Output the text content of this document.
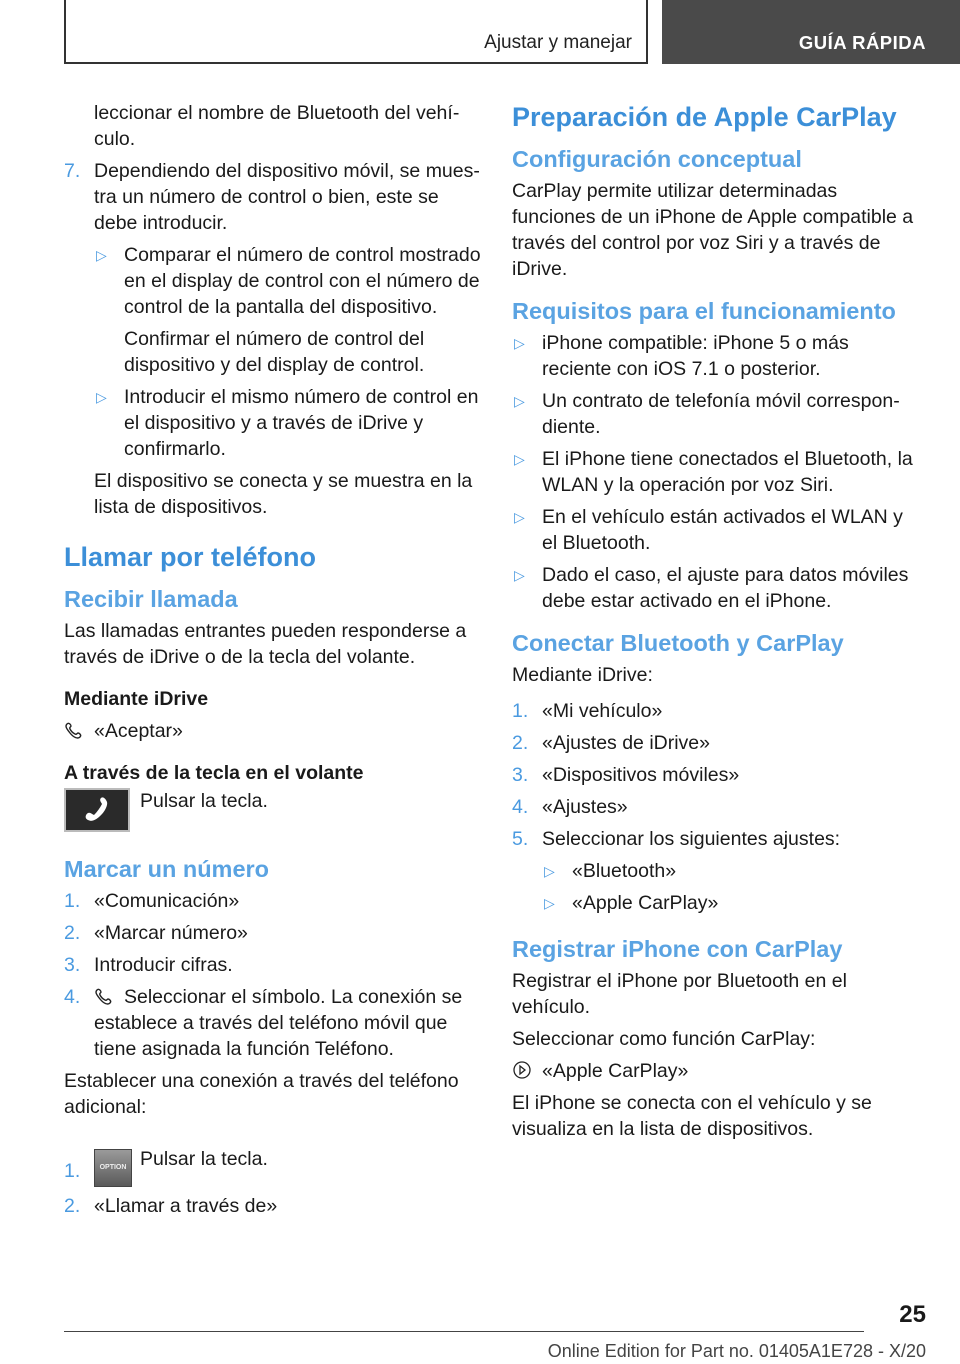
Ajustar y manejar	GUÍA RÁPIDA

leccionar el nombre de Bluetooth del vehículo.

7. Dependiendo del dispositivo móvil, se muestra un número de control o bien, este se debe introducir.
▷ Comparar el número de control mostrado en el display de control con el número de control de la pantalla del dispositivo.

Confirmar el número de control del dispositivo y del display de control.

▷ Introducir el mismo número de control en el dispositivo y a través de iDrive y confirmarlo.

El dispositivo se conecta y se muestra en la lista de dispositivos.

Llamar por teléfono
Recibir llamada

Las llamadas entrantes pueden responderse a través de iDrive o de la tecla del volante.

Mediante iDrive

«Aceptar»

A través de la tecla en el volante

Pulsar la tecla.

Marcar un número
1. «Comunicación»
2. «Marcar número»
3. Introducir cifras.
4. Seleccionar el símbolo. La conexión se establece a través del teléfono móvil que tiene asignada la función Teléfono.

Establecer una conexión a través del teléfono adicional:

1.	OPTION Pulsar la tecla.
2. «Llamar a través de»
Preparación de Apple CarPlay
Configuración conceptual

CarPlay permite utilizar determinadas funciones de un iPhone de Apple compatible a través del control por voz Siri y a través de iDrive.

Requisitos para el funcionamiento
▷ iPhone compatible: iPhone 5 o más reciente con iOS 7.1 o posterior.
▷ Un contrato de telefonía móvil correspondiente.
▷ El iPhone tiene conectados el Bluetooth, la WLAN y la operación por voz Siri.
▷ En el vehículo están activados el WLAN y el Bluetooth.
▷ Dado el caso, el ajuste para datos móviles debe estar activado en el iPhone.
Conectar Bluetooth y CarPlay

Mediante iDrive:

1. «Mi vehículo»
2. «Ajustes de iDrive»
3. «Dispositivos móviles»
4. «Ajustes»
5. Seleccionar los siguientes ajustes:
▷ «Bluetooth»
▷ «Apple CarPlay»
Registrar iPhone con CarPlay

Registrar el iPhone por Bluetooth en el vehículo.

Seleccionar como función CarPlay:

«Apple CarPlay»

El iPhone se conecta con el vehículo y se visualiza en la lista de dispositivos.

25
Online Edition for Part no. 01405A1E728 - X/20
